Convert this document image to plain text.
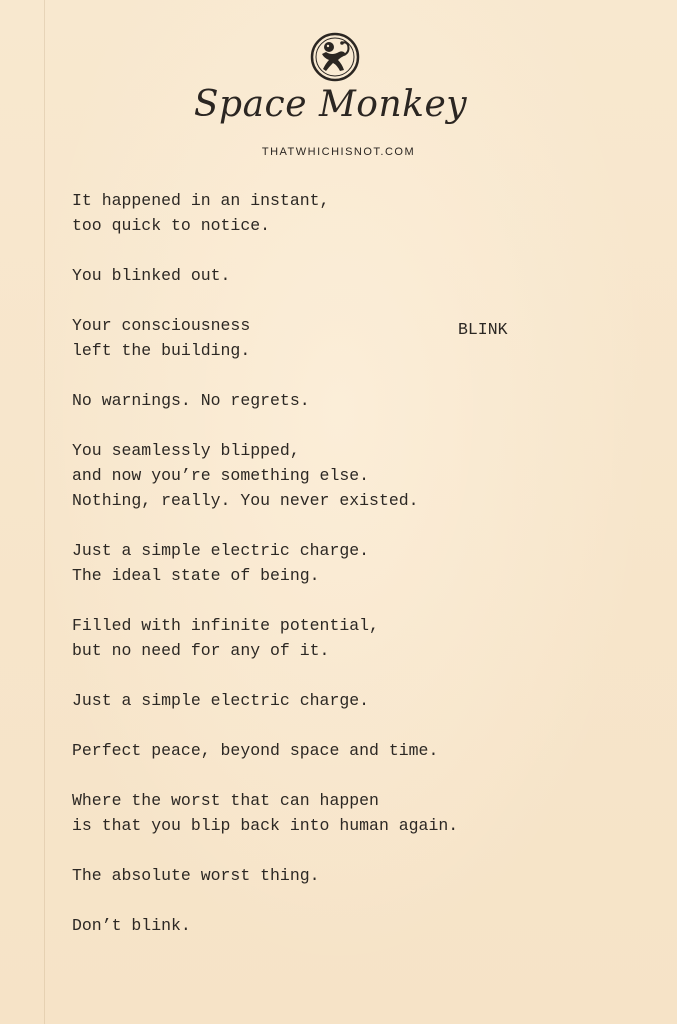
Space Monkey
THATWHICHISNOT.COM
It happened in an instant,
too quick to notice.
You blinked out.
Your consciousness
left the building.
No warnings. No regrets.
You seamlessly blipped,
and now you’re something else.
Nothing, really. You never existed.
Just a simple electric charge.
The ideal state of being.
Filled with infinite potential,
but no need for any of it.
Just a simple electric charge.
Perfect peace, beyond space and time.
Where the worst that can happen
is that you blip back into human again.
The absolute worst thing.
Don’t blink.
BLINK
